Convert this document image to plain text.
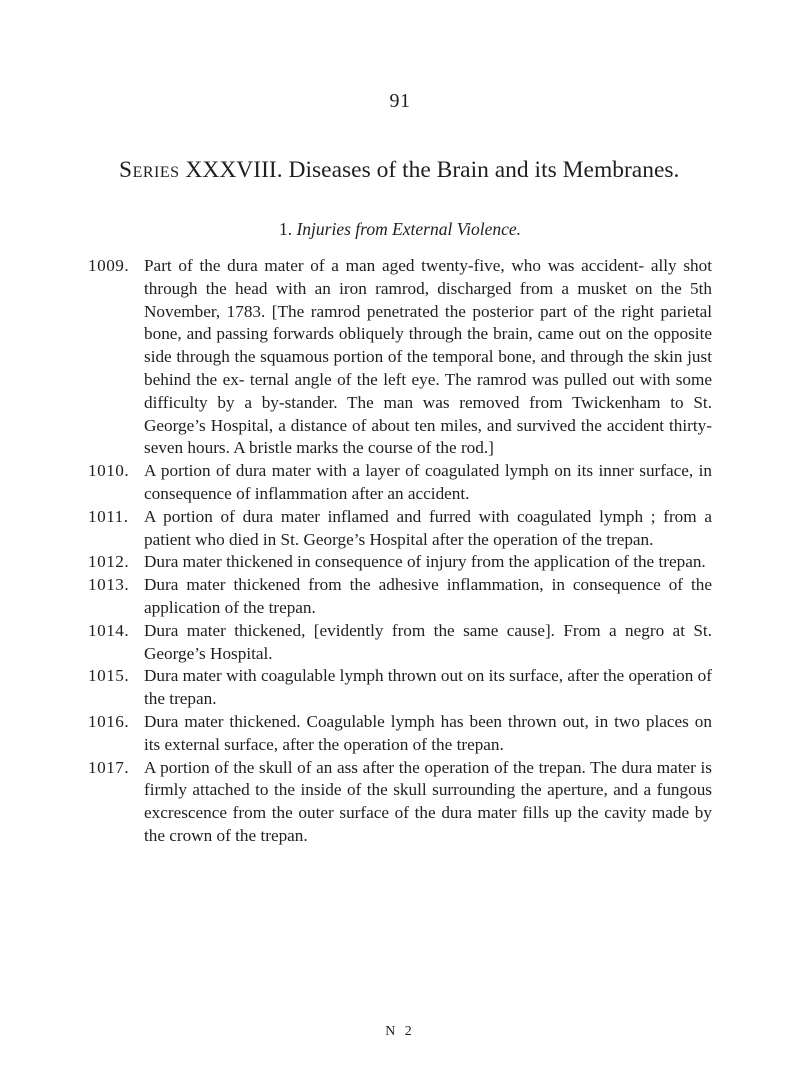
91
Series XXXVIII. Diseases of the Brain and its Membranes.
1. Injuries from External Violence.
1009. Part of the dura mater of a man aged twenty-five, who was accident- ally shot through the head with an iron ramrod, discharged from a musket on the 5th November, 1783. [The ramrod penetrated the posterior part of the right parietal bone, and passing forwards obliquely through the brain, came out on the opposite side through the squamous portion of the temporal bone, and through the skin just behind the ex- ternal angle of the left eye. The ramrod was pulled out with some difficulty by a by-stander. The man was removed from Twickenham to St. George’s Hospital, a distance of about ten miles, and survived the accident thirty-seven hours. A bristle marks the course of the rod.]
1010. A portion of dura mater with a layer of coagulated lymph on its inner surface, in consequence of inflammation after an accident.
1011. A portion of dura mater inflamed and furred with coagulated lymph ; from a patient who died in St. George’s Hospital after the operation of the trepan.
1012. Dura mater thickened in consequence of injury from the application of the trepan.
1013. Dura mater thickened from the adhesive inflammation, in consequence of the application of the trepan.
1014. Dura mater thickened, [evidently from the same cause]. From a negro at St. George’s Hospital.
1015. Dura mater with coagulable lymph thrown out on its surface, after the operation of the trepan.
1016. Dura mater thickened. Coagulable lymph has been thrown out, in two places on its external surface, after the operation of the trepan.
1017. A portion of the skull of an ass after the operation of the trepan. The dura mater is firmly attached to the inside of the skull surrounding the aperture, and a fungous excrescence from the outer surface of the dura mater fills up the cavity made by the crown of the trepan.
N 2
